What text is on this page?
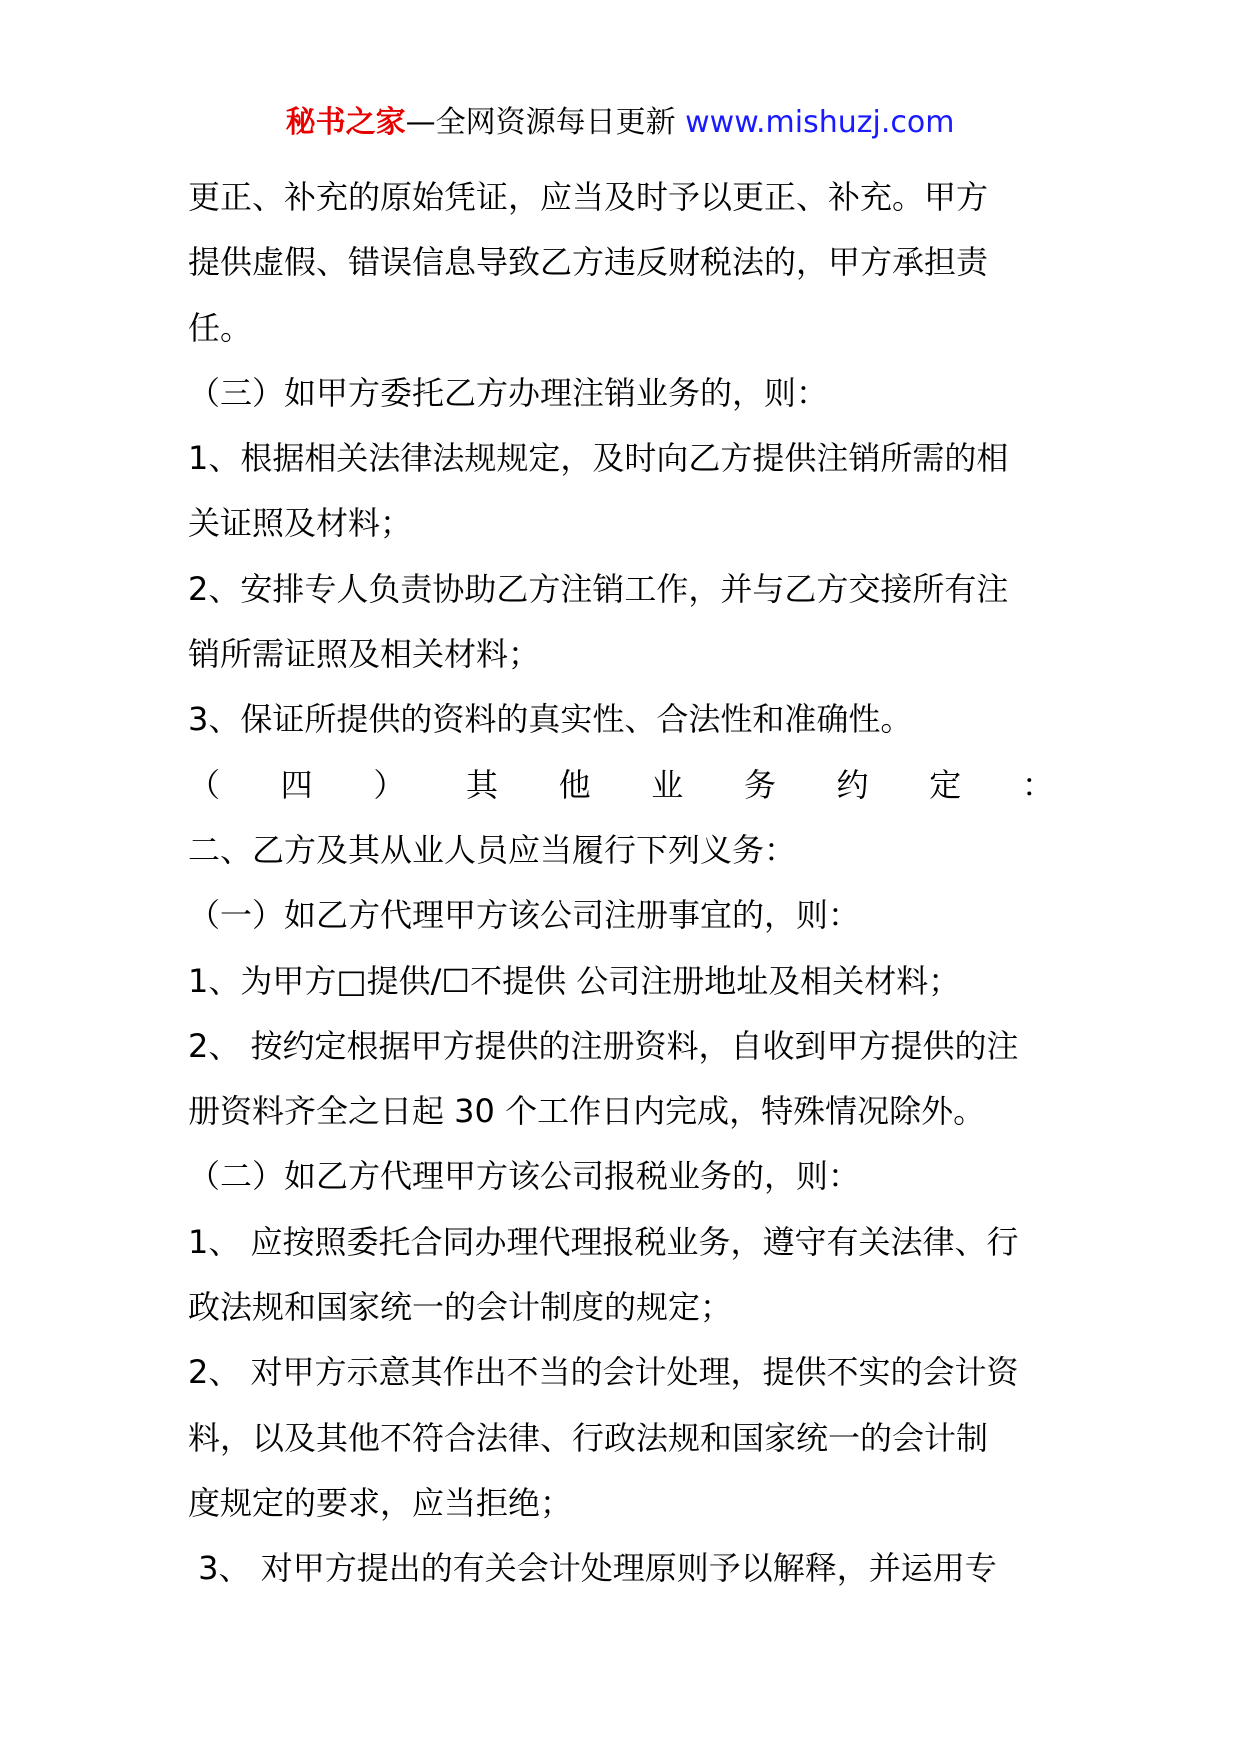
秘书之家—全网资源每日更新 www.mishuzj.com
更正、补充的原始凭证，应当及时予以更正、补充。甲方
提供虚假、错误信息导致乙方违反财税法的，甲方承担责
任。
（三）如甲方委托乙方办理注销业务的，则：
1、根据相关法律法规规定，及时向乙方提供注销所需的相
关证照及材料；
2、安排专人负责协助乙方注销工作，并与乙方交接所有注
销所需证照及相关材料；
3、保证所提供的资料的真实性、合法性和准确性。
（ 四 ） 其 他 业 务 约 定 ：
二、乙方及其从业人员应当履行下列义务：
（一）如乙方代理甲方该公司注册事宜的，则：
1、为甲方□提供/☐不提供 公司注册地址及相关材料；
2、 按约定根据甲方提供的注册资料，自收到甲方提供的注
册资料齐全之日起 30 个工作日内完成，特殊情况除外。
（二）如乙方代理甲方该公司报税业务的，则：
1、 应按照委托合同办理代理报税业务，遵守有关法律、行
政法规和国家统一的会计制度的规定；
2、 对甲方示意其作出不当的会计处理，提供不实的会计资
料，以及其他不符合法律、行政法规和国家统一的会计制
度规定的要求，应当拒绝；
3、 对甲方提出的有关会计处理原则予以解释，并运用专
